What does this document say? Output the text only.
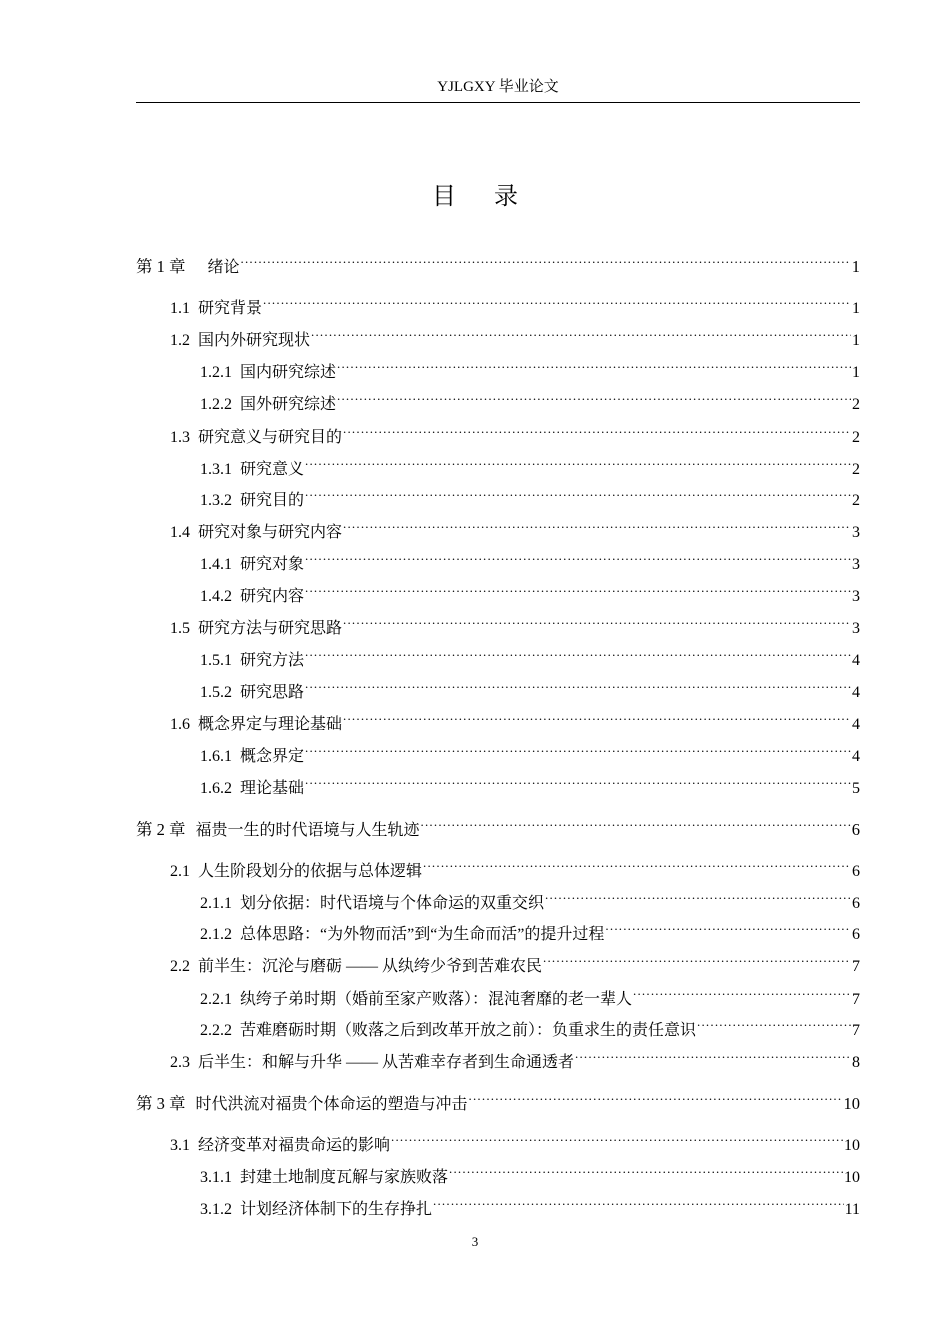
YJLGXY 毕业论文
目录
第 1 章 绪论 .....	1
1.1 研究背景 .....	1
1.2 国内外研究现状 .....	1
1.2.1 国内研究综述 .....	1
1.2.2 国外研究综述 .....	2
1.3 研究意义与研究目的 .....	2
1.3.1 研究意义 .....	2
1.3.2 研究目的 .....	2
1.4 研究对象与研究内容 .....	3
1.4.1 研究对象 .....	3
1.4.2 研究内容 .....	3
1.5 研究方法与研究思路 .....	3
1.5.1 研究方法 .....	4
1.5.2 研究思路 .....	4
1.6 概念界定与理论基础 .....	4
1.6.1 概念界定 .....	4
1.6.2 理论基础 .....	5
第 2 章 福贵一生的时代语境与人生轨迹 .....	6
2.1 人生阶段划分的依据与总体逻辑 .....	6
2.1.1 划分依据：时代语境与个体命运的双重交织 .....	6
2.1.2 总体思路：“为外物而活”到“为生命而活”的提升过程 .....	6
2.2 前半生：沉沦与磨砺 —— 从纨绔少爷到苦难农民 .....	7
2.2.1 纨绔子弟时期（婚前至家产败落）：混沌奢靡的老一辈人 .....	7
2.2.2 苦难磨砺时期（败落之后到改革开放之前）：负重求生的责任意识 .....	7
2.3 后半生：和解与升华 —— 从苦难幸存者到生命通透者 .....	8
第 3 章 时代洪流对福贵个体命运的塑造与冲击 .....	10
3.1 经济变革对福贵命运的影响 .....	10
3.1.1 封建土地制度瓦解与家族败落 .....	10
3.1.2 计划经济体制下的生存挣扎 .....	11
3
